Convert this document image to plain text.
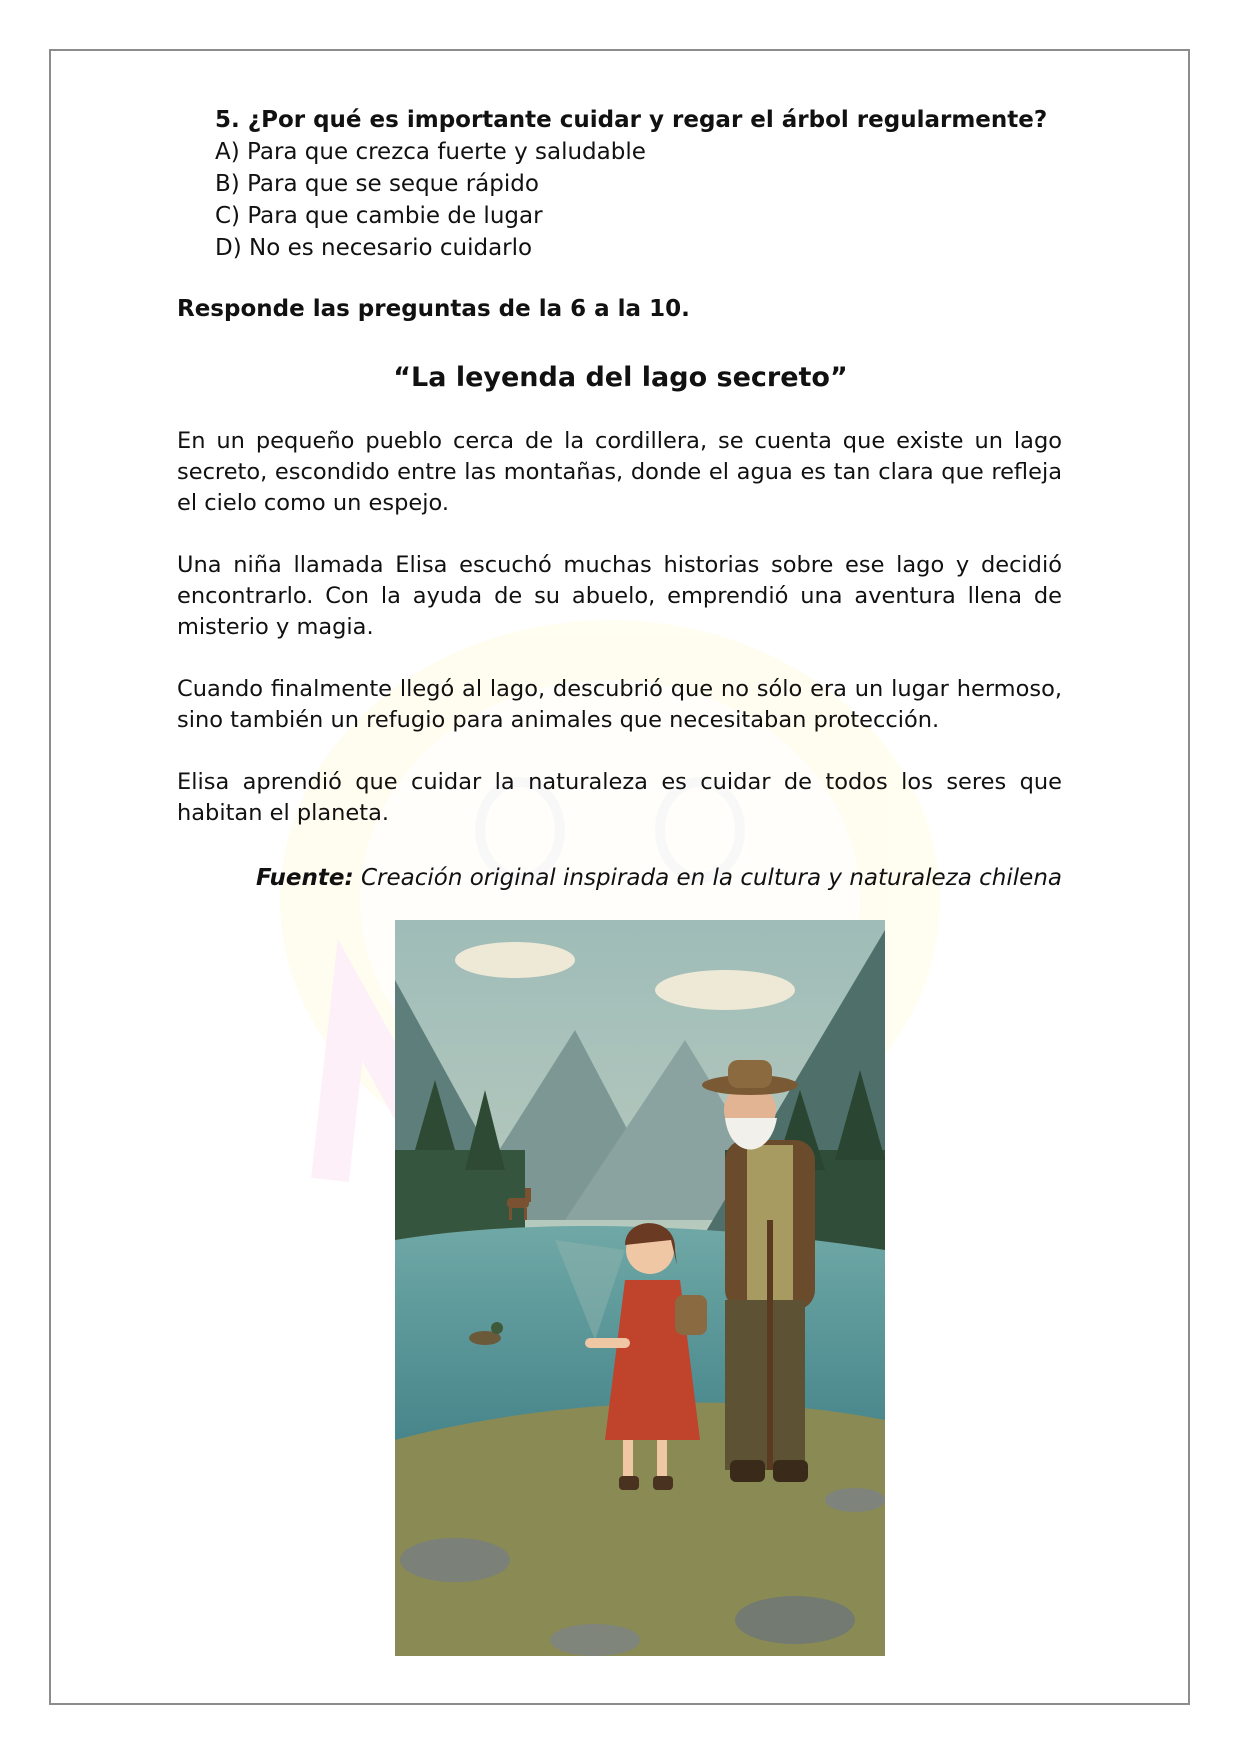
5. ¿Por qué es importante cuidar y regar el árbol regularmente?

A) Para que crezca fuerte y saludable

B) Para que se seque rápido

C) Para que cambie de lugar

D) No es necesario cuidarlo

Responde las preguntas de la 6 a la 10.

“La leyenda del lago secreto”

En un pequeño pueblo cerca de la cordillera, se cuenta que existe un lago secreto, escondido entre las montañas, donde el agua es tan clara que refleja el cielo como un espejo.

Una niña llamada Elisa escuchó muchas historias sobre ese lago y decidió encontrarlo. Con la ayuda de su abuelo, emprendió una aventura llena de misterio y magia.

Cuando finalmente llegó al lago, descubrió que no sólo era un lugar hermoso, sino también un refugio para animales que necesitaban protección.

Elisa aprendió que cuidar la naturaleza es cuidar de todos los seres que habitan el planeta.

Fuente: Creación original inspirada en la cultura y naturaleza chilena
